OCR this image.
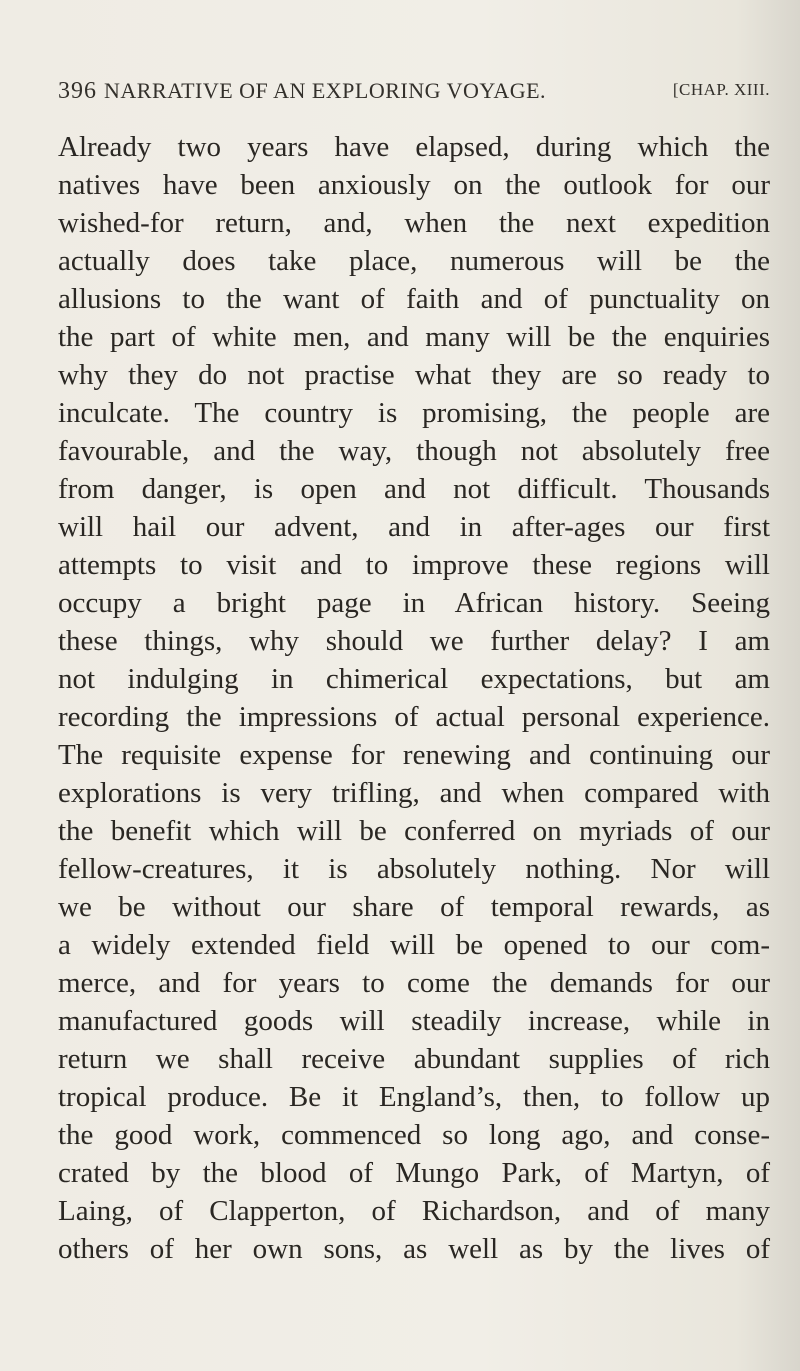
396 NARRATIVE OF AN EXPLORING VOYAGE.	[CHAP. XIII.
Already two years have elapsed, during which the
natives have been anxiously on the outlook for our
wished-for return, and, when the next expedition
actually does take place, numerous will be the
allusions to the want of faith and of punctuality on
the part of white men, and many will be the enquiries
why they do not practise what they are so ready to
inculcate. The country is promising, the people are
favourable, and the way, though not absolutely free
from danger, is open and not difficult. Thousands
will hail our advent, and in after-ages our first
attempts to visit and to improve these regions will
occupy a bright page in African history. Seeing
these things, why should we further delay? I am
not indulging in chimerical expectations, but am
recording the impressions of actual personal experience.
The requisite expense for renewing and continuing our
explorations is very trifling, and when compared with
the benefit which will be conferred on myriads of our
fellow-creatures, it is absolutely nothing. Nor will
we be without our share of temporal rewards, as
a widely extended field will be opened to our com-
merce, and for years to come the demands for our
manufactured goods will steadily increase, while in
return we shall receive abundant supplies of rich
tropical produce. Be it England’s, then, to follow up
the good work, commenced so long ago, and conse-
crated by the blood of Mungo Park, of Martyn, of
Laing, of Clapperton, of Richardson, and of many
others of her own sons, as well as by the lives of
